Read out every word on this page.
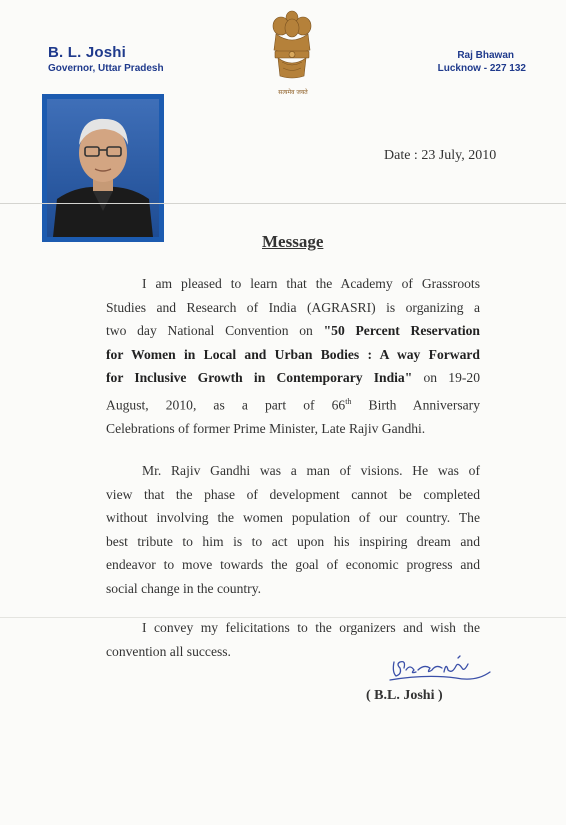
B. L. Joshi
Governor, Uttar Pradesh
सत्यमेव जयते
Raj Bhawan
Lucknow - 227 132
Date : 23 July, 2010
Message
I am pleased to learn that the Academy of Grassroots
Studies and Research of India (AGRASRI) is organizing a
two day National Convention on "50 Percent Reservation
for Women in Local and Urban Bodies : A way Forward
for Inclusive Growth in Contemporary India" on 19-20
August, 2010, as a part of 66th Birth Anniversary
Celebrations of former Prime Minister, Late Rajiv Gandhi.
Mr. Rajiv Gandhi was a man of visions. He was of
view that the phase of development cannot be completed
without involving the women population of our country. The
best tribute to him is to act upon his inspiring dream and
endeavor to move towards the goal of economic progress and
social change in the country.
I convey my felicitations to the organizers and wish the
convention all success.
( B.L. Joshi )
